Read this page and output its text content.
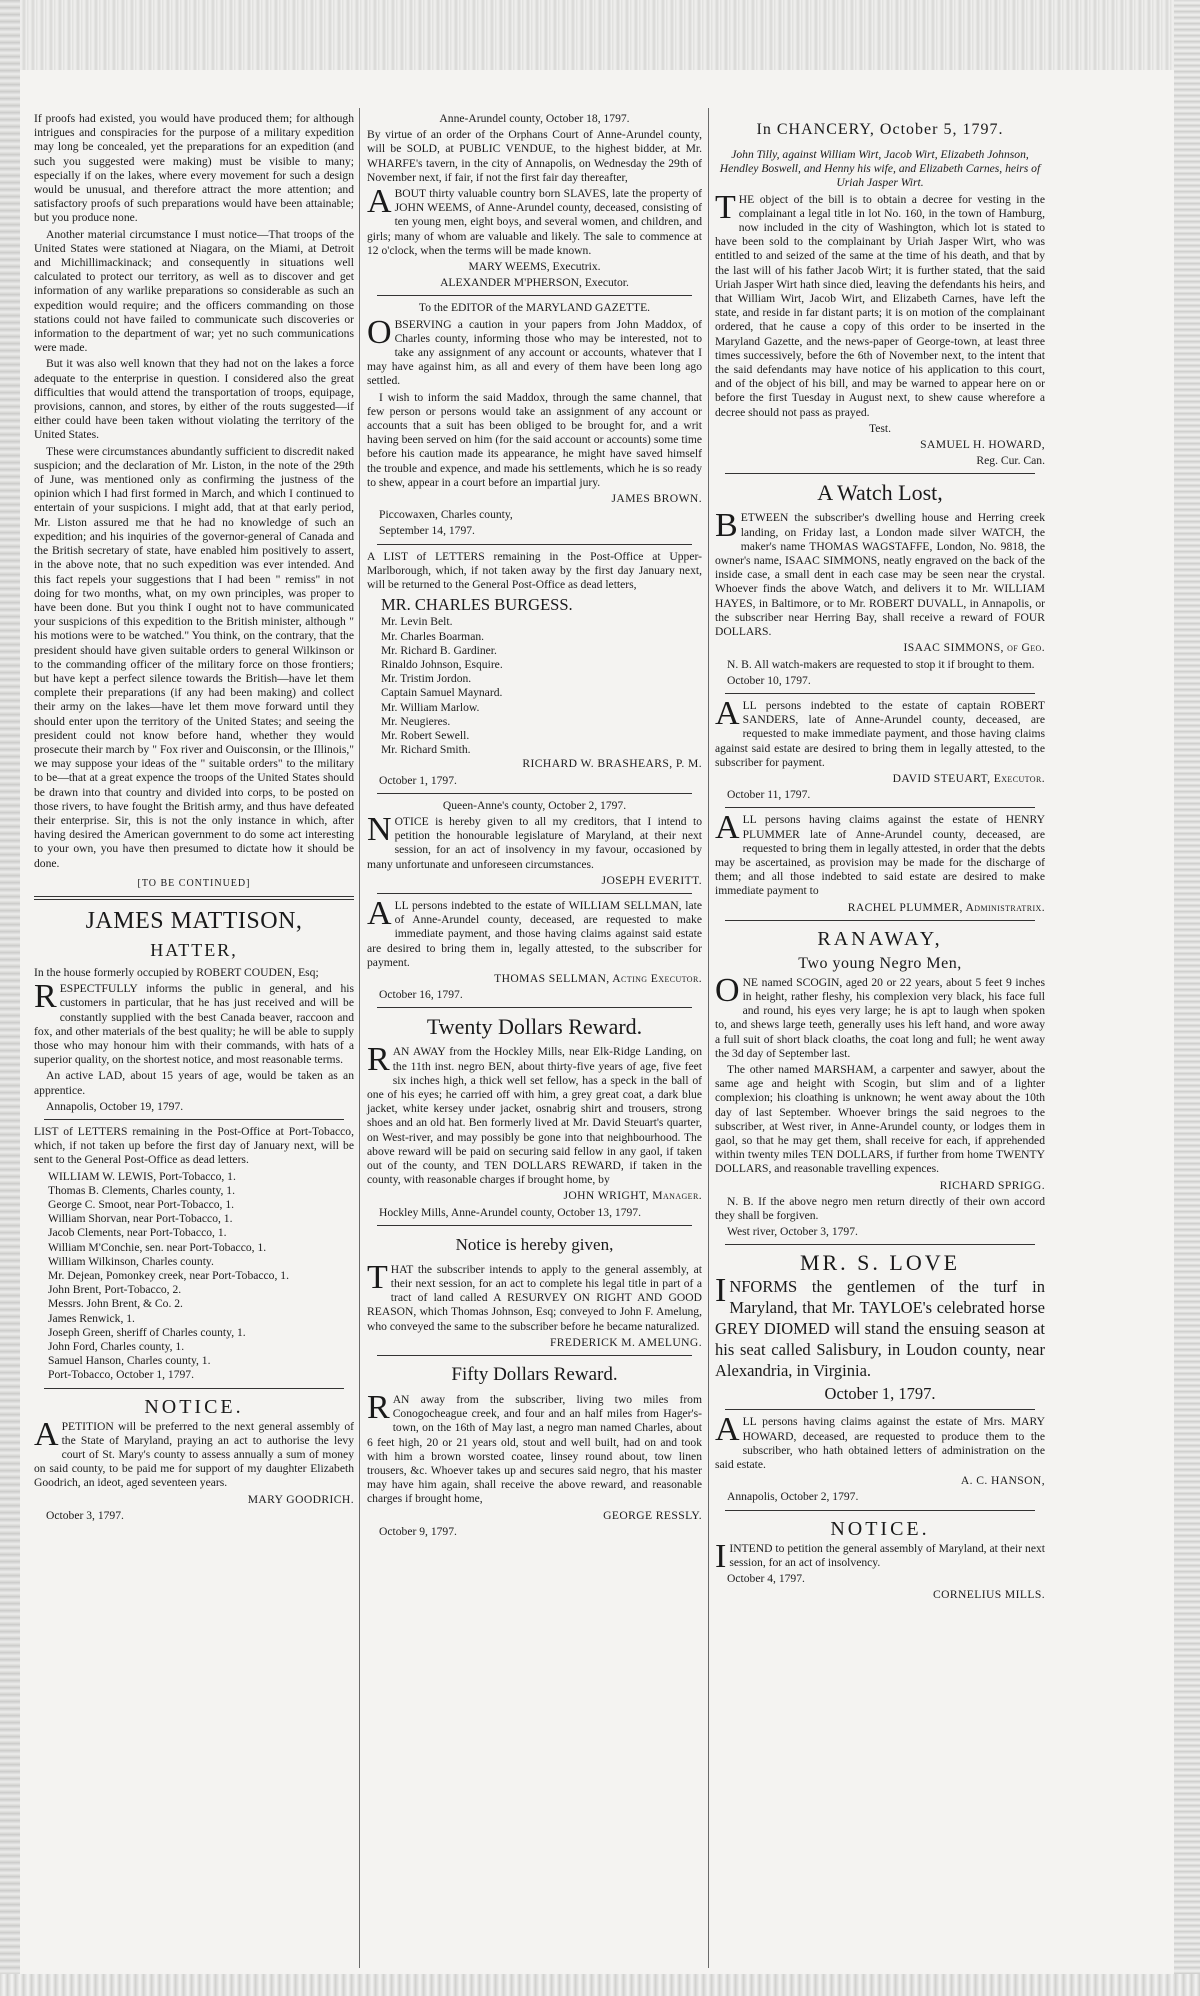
If proofs had existed, you would have produced them; for although intrigues and conspiracies for the purpose of a military expedition may long be concealed, yet the preparations for an expedition (and such you suggested were making) must be visible to many; especially if on the lakes, where every movement for such a design would be unusual, and therefore attract the more attention; and satisfactory proofs of such preparations would have been attainable; but you produce none.

Another material circumstance I must notice—That troops of the United States were stationed at Niagara, on the Miami, at Detroit and Michillimackinack; and consequently in situations well calculated to protect our territory, as well as to discover and get information of any warlike preparations so considerable as such an expedition would require; and the officers commanding on those stations could not have failed to communicate such discoveries or information to the department of war; yet no such communications were made.

But it was also well known that they had not on the lakes a force adequate to the enterprise in question. I considered also the great difficulties that would attend the transportation of troops, equipage, provisions, cannon, and stores, by either of the routs suggested—if either could have been taken without violating the territory of the United States.

These were circumstances abundantly sufficient to discredit naked suspicion; and the declaration of Mr. Liston, in the note of the 29th of June, was mentioned only as confirming the justness of the opinion which I had first formed in March, and which I continued to entertain of your suspicions. I might add, that at that early period, Mr. Liston assured me that he had no knowledge of such an expedition; and his inquiries of the governor-general of Canada and the British secretary of state, have enabled him positively to assert, in the above note, that no such expedition was ever intended. And this fact repels your suggestions that I had been " remiss" in not doing for two months, what, on my own principles, was proper to have been done. But you think I ought not to have communicated your suspicions of this expedition to the British minister, although " his motions were to be watched." You think, on the contrary, that the president should have given suitable orders to general Wilkinson or to the commanding officer of the military force on those frontiers; but have kept a perfect silence towards the British—have let them complete their preparations (if any had been making) and collect their army on the lakes—have let them move forward until they should enter upon the territory of the United States; and seeing the president could not know before hand, whether they would prosecute their march by " Fox river and Ouisconsin, or the Illinois," we may suppose your ideas of the " suitable orders" to the military to be—that at a great expence the troops of the United States should be drawn into that country and divided into corps, to be posted on those rivers, to have fought the British army, and thus have defeated their enterprise. Sir, this is not the only instance in which, after having desired the American government to do some act interesting to your own, you have then presumed to dictate how it should be done.

[TO BE CONTINUED]

JAMES MATTISON,
HATTER,

In the house formerly occupied by ROBERT COUDEN, Esq;

RESPECTFULLY informs the public in general, and his customers in particular, that he has just received and will be constantly supplied with the best Canada beaver, raccoon and fox, and other materials of the best quality; he will be able to supply those who may honour him with their commands, with hats of a superior quality, on the shortest notice, and most reasonable terms.

An active LAD, about 15 years of age, would be taken as an apprentice.

Annapolis, October 19, 1797.

LIST of LETTERS remaining in the Post-Office at Port-Tobacco, which, if not taken up before the first day of January next, will be sent to the General Post-Office as dead letters.

WILLIAM W. LEWIS, Port-Tobacco, 1.

Thomas B. Clements, Charles county, 1.

George C. Smoot, near Port-Tobacco, 1.

William Shorvan, near Port-Tobacco, 1.

Jacob Clements, near Port-Tobacco, 1.

William M'Conchie, sen. near Port-Tobacco, 1.

William Wilkinson, Charles county.

Mr. Dejean, Pomonkey creek, near Port-Tobacco, 1.

John Brent, Port-Tobacco, 2.

Messrs. John Brent, & Co. 2.

James Renwick, 1.

Joseph Green, sheriff of Charles county, 1.

John Ford, Charles county, 1.

Samuel Hanson, Charles county, 1.

Port-Tobacco, October 1, 1797.

NOTICE.

APETITION will be preferred to the next general assembly of the State of Maryland, praying an act to authorise the levy court of St. Mary's county to assess annually a sum of money on said county, to be paid me for support of my daughter Elizabeth Goodrich, an ideot, aged seventeen years.

MARY GOODRICH.

October 3, 1797.

Anne-Arundel county, October 18, 1797.

By virtue of an order of the Orphans Court of Anne-Arundel county, will be SOLD, at PUBLIC VENDUE, to the highest bidder, at Mr. WHARFE's tavern, in the city of Annapolis, on Wednesday the 29th of November next, if fair, if not the first fair day thereafter,

ABOUT thirty valuable country born SLAVES, late the property of JOHN WEEMS, of Anne-Arundel county, deceased, consisting of ten young men, eight boys, and several women, and children, and girls; many of whom are valuable and likely. The sale to commence at 12 o'clock, when the terms will be made known.

MARY WEEMS, Executrix.

ALEXANDER M'PHERSON, Executor.

To the EDITOR of the MARYLAND GAZETTE.

OBSERVING a caution in your papers from John Maddox, of Charles county, informing those who may be interested, not to take any assignment of any account or accounts, whatever that I may have against him, as all and every of them have been long ago settled.

I wish to inform the said Maddox, through the same channel, that few person or persons would take an assignment of any account or accounts that a suit has been obliged to be brought for, and a writ having been served on him (for the said account or accounts) some time before his caution made its appearance, he might have saved himself the trouble and expence, and made his settlements, which he is so ready to shew, appear in a court before an impartial jury.

JAMES BROWN.

Piccowaxen, Charles county,

September 14, 1797.

A LIST of LETTERS remaining in the Post-Office at Upper-Marlborough, which, if not taken away by the first day January next, will be returned to the General Post-Office as dead letters,

MR. CHARLES BURGESS.

Mr. Levin Belt.

Mr. Charles Boarman.

Mr. Richard B. Gardiner.

Rinaldo Johnson, Esquire.

Mr. Tristim Jordon.

Captain Samuel Maynard.

Mr. William Marlow.

Mr. Neugieres.

Mr. Robert Sewell.

Mr. Richard Smith.

RICHARD W. BRASHEARS, P. M.

October 1, 1797.

Queen-Anne's county, October 2, 1797.

NOTICE is hereby given to all my creditors, that I intend to petition the honourable legislature of Maryland, at their next session, for an act of insolvency in my favour, occasioned by many unfortunate and unforeseen circumstances.

JOSEPH EVERITT.

ALL persons indebted to the estate of WILLIAM SELLMAN, late of Anne-Arundel county, deceased, are requested to make immediate payment, and those having claims against said estate are desired to bring them in, legally attested, to the subscriber for payment.

THOMAS SELLMAN, Acting Executor.

October 16, 1797.

Twenty Dollars Reward.

RAN AWAY from the Hockley Mills, near Elk-Ridge Landing, on the 11th inst. negro BEN, about thirty-five years of age, five feet six inches high, a thick well set fellow, has a speck in the ball of one of his eyes; he carried off with him, a grey great coat, a dark blue jacket, white kersey under jacket, osnabrig shirt and trousers, strong shoes and an old hat. Ben formerly lived at Mr. David Steuart's quarter, on West-river, and may possibly be gone into that neighbourhood. The above reward will be paid on securing said fellow in any gaol, if taken out of the county, and TEN DOLLARS REWARD, if taken in the county, with reasonable charges if brought home, by

JOHN WRIGHT, Manager.

Hockley Mills, Anne-Arundel county, October 13, 1797.

Notice is hereby given,

THAT the subscriber intends to apply to the general assembly, at their next session, for an act to complete his legal title in part of a tract of land called A RESURVEY ON RIGHT AND GOOD REASON, which Thomas Johnson, Esq; conveyed to John F. Amelung, who conveyed the same to the subscriber before he became naturalized.

FREDERICK M. AMELUNG.

Fifty Dollars Reward.

RAN away from the subscriber, living two miles from Conogocheague creek, and four and an half miles from Hager's-town, on the 16th of May last, a negro man named Charles, about 6 feet high, 20 or 21 years old, stout and well built, had on and took with him a brown worsted coatee, linsey round about, tow linen trousers, &c. Whoever takes up and secures said negro, that his master may have him again, shall receive the above reward, and reasonable charges if brought home,

GEORGE RESSLY.

October 9, 1797.

In CHANCERY, October 5, 1797.

John Tilly, against William Wirt, Jacob Wirt, Elizabeth Johnson, Hendley Boswell, and Henny his wife, and Elizabeth Carnes, heirs of Uriah Jasper Wirt.

THE object of the bill is to obtain a decree for vesting in the complainant a legal title in lot No. 160, in the town of Hamburg, now included in the city of Washington, which lot is stated to have been sold to the complainant by Uriah Jasper Wirt, who was entitled to and seized of the same at the time of his death, and that by the last will of his father Jacob Wirt; it is further stated, that the said Uriah Jasper Wirt hath since died, leaving the defendants his heirs, and that William Wirt, Jacob Wirt, and Elizabeth Carnes, have left the state, and reside in far distant parts; it is on motion of the complainant ordered, that he cause a copy of this order to be inserted in the Maryland Gazette, and the news-paper of George-town, at least three times successively, before the 6th of November next, to the intent that the said defendants may have notice of his application to this court, and of the object of his bill, and may be warned to appear here on or before the first Tuesday in August next, to shew cause wherefore a decree should not pass as prayed.

Test.

SAMUEL H. HOWARD,

Reg. Cur. Can.

A Watch Lost,

BETWEEN the subscriber's dwelling house and Herring creek landing, on Friday last, a London made silver WATCH, the maker's name THOMAS WAGSTAFFE, London, No. 9818, the owner's name, ISAAC SIMMONS, neatly engraved on the back of the inside case, a small dent in each case may be seen near the crystal. Whoever finds the above Watch, and delivers it to Mr. WILLIAM HAYES, in Baltimore, or to Mr. ROBERT DUVALL, in Annapolis, or the subscriber near Herring Bay, shall receive a reward of FOUR DOLLARS.

ISAAC SIMMONS, of Geo.

N. B. All watch-makers are requested to stop it if brought to them.

October 10, 1797.

ALL persons indebted to the estate of captain ROBERT SANDERS, late of Anne-Arundel county, deceased, are requested to make immediate payment, and those having claims against said estate are desired to bring them in legally attested, to the subscriber for payment.

DAVID STEUART, Executor.

October 11, 1797.

ALL persons having claims against the estate of HENRY PLUMMER late of Anne-Arundel county, deceased, are requested to bring them in legally attested, in order that the debts may be ascertained, as provision may be made for the discharge of them; and all those indebted to said estate are desired to make immediate payment to

RACHEL PLUMMER, Administratrix.

RANAWAY,
Two young Negro Men,

ONE named SCOGIN, aged 20 or 22 years, about 5 feet 9 inches in height, rather fleshy, his complexion very black, his face full and round, his eyes very large; he is apt to laugh when spoken to, and shews large teeth, generally uses his left hand, and wore away a full suit of short black cloaths, the coat long and full; he went away the 3d day of September last.

The other named MARSHAM, a carpenter and sawyer, about the same age and height with Scogin, but slim and of a lighter complexion; his cloathing is unknown; he went away about the 10th day of last September. Whoever brings the said negroes to the subscriber, at West river, in Anne-Arundel county, or lodges them in gaol, so that he may get them, shall receive for each, if apprehended within twenty miles TEN DOLLARS, if further from home TWENTY DOLLARS, and reasonable travelling expences.

RICHARD SPRIGG.

N. B. If the above negro men return directly of their own accord they shall be forgiven.

West river, October 3, 1797.

MR. S. LOVE

INFORMS the gentlemen of the turf in Maryland, that Mr. TAYLOE's celebrated horse GREY DIOMED will stand the ensuing season at his seat called Salisbury, in Loudon county, near Alexandria, in Virginia.

October 1, 1797.

ALL persons having claims against the estate of Mrs. MARY HOWARD, deceased, are requested to produce them to the subscriber, who hath obtained letters of administration on the said estate.

A. C. HANSON,

Annapolis, October 2, 1797.

NOTICE.

IINTEND to petition the general assembly of Maryland, at their next session, for an act of insolvency.

October 4, 1797.

CORNELIUS MILLS.
